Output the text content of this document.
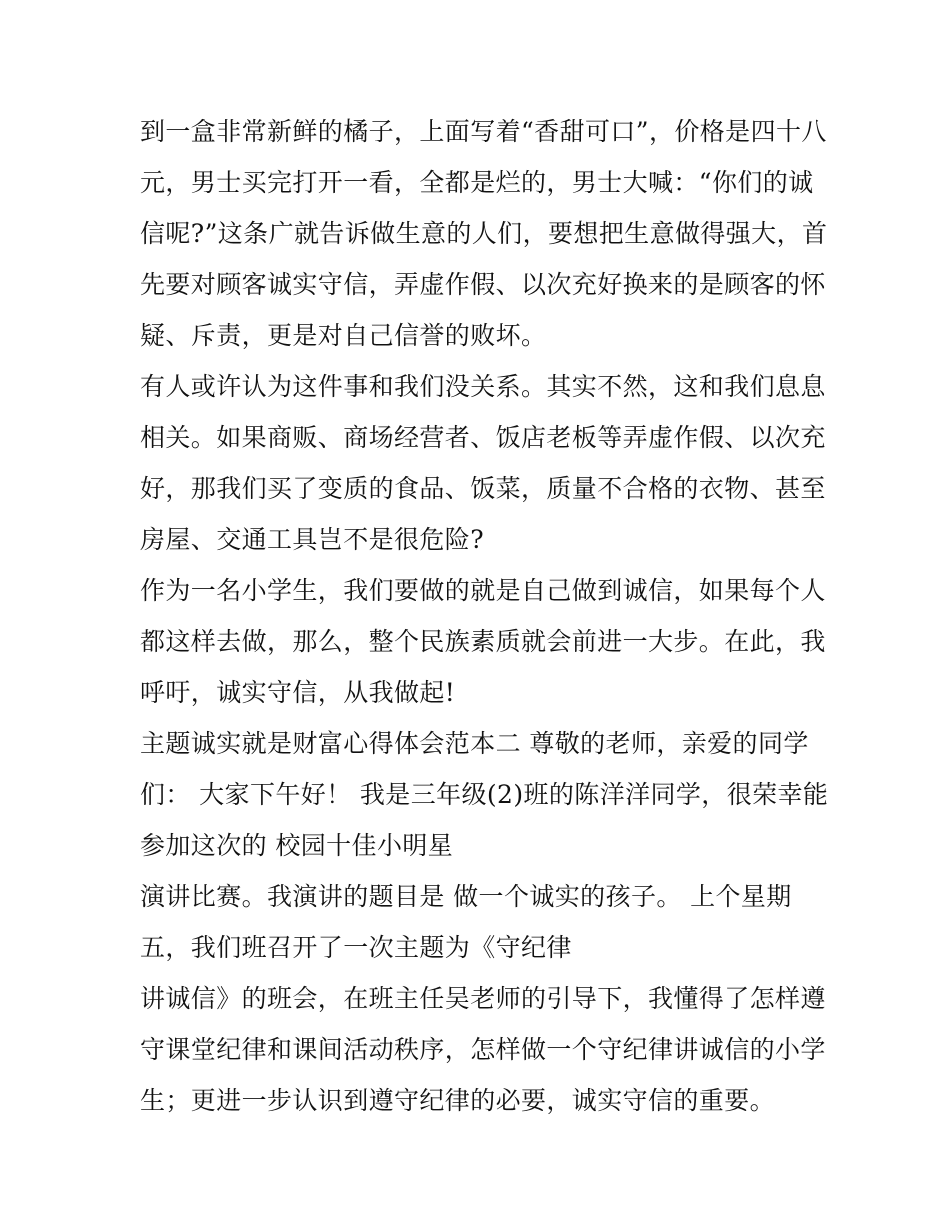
到一盒非常新鲜的橘子，上面写着“香甜可口”，价格是四十八
元，男士买完打开一看，全都是烂的，男士大喊：“你们的诚
信呢?”这条广就告诉做生意的人们，要想把生意做得强大，首
先要对顾客诚实守信，弄虚作假、以次充好换来的是顾客的怀
疑、斥责，更是对自己信誉的败坏。
有人或许认为这件事和我们没关系。其实不然，这和我们息息
相关。如果商贩、商场经营者、饭店老板等弄虚作假、以次充
好，那我们买了变质的食品、饭菜，质量不合格的衣物、甚至
房屋、交通工具岂不是很危险?
作为一名小学生，我们要做的就是自己做到诚信，如果每个人
都这样去做，那么，整个民族素质就会前进一大步。在此，我
呼吁，诚实守信，从我做起!
主题诚实就是财富心得体会范本二 尊敬的老师，亲爱的同学
们： 大家下午好！ 我是三年级(2)班的陈洋洋同学，很荣幸能
参加这次的 校园十佳小明星
演讲比赛。我演讲的题目是 做一个诚实的孩子。 上个星期
五，我们班召开了一次主题为《守纪律
讲诚信》的班会，在班主任吴老师的引导下，我懂得了怎样遵
守课堂纪律和课间活动秩序，怎样做一个守纪律讲诚信的小学
生；更进一步认识到遵守纪律的必要，诚实守信的重要。
